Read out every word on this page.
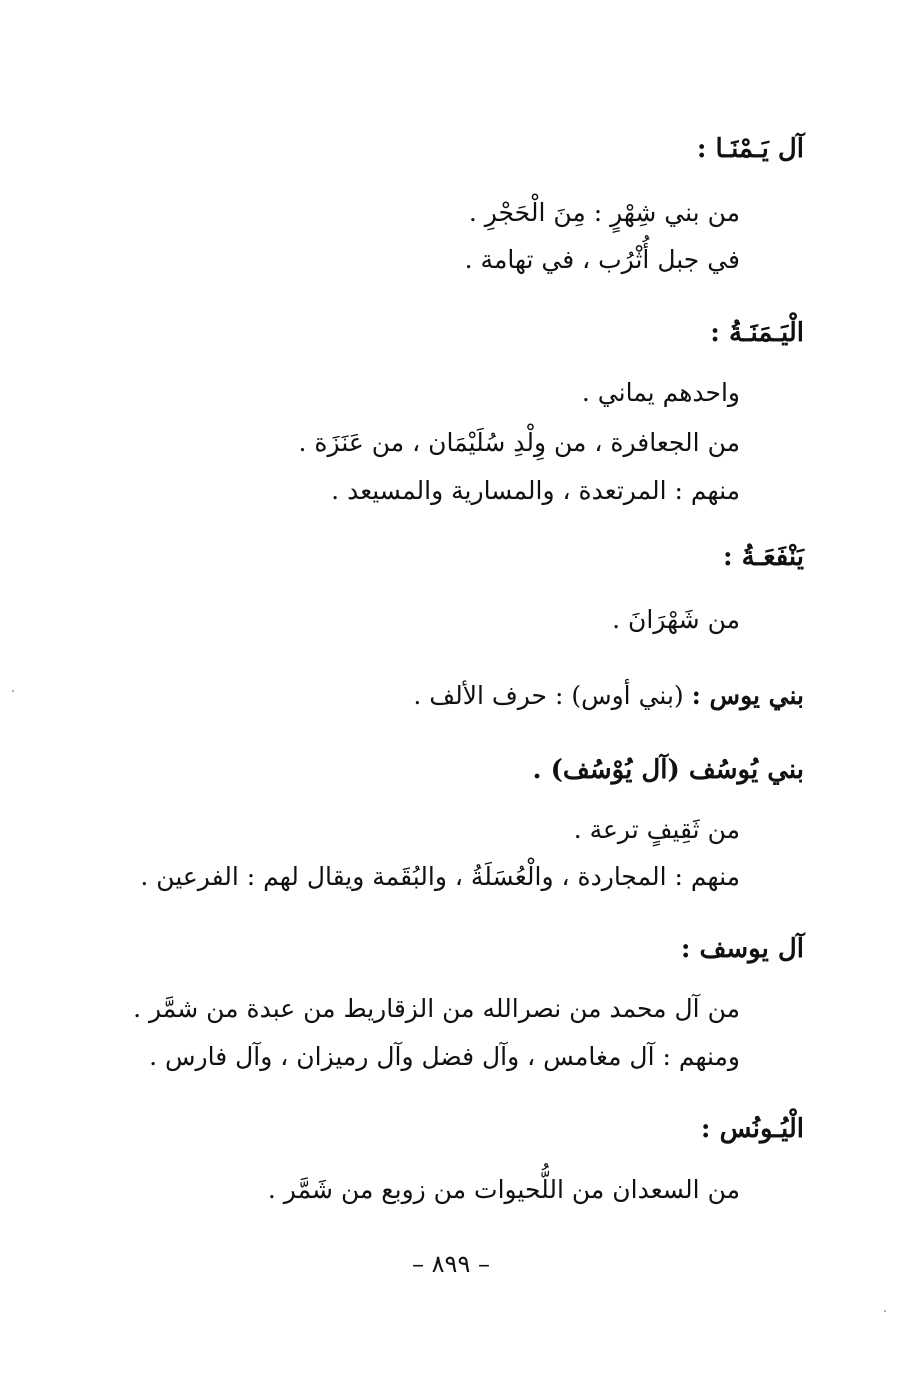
آل يَـمْنَـا :
من بني شِهْرٍ : مِنَ الْحَجْرِ .
في جبل أُثْرُب ، في تهامة .
الْيَـمَنَـةُ :
واحدهم يماني .
من الجعافرة ، من وِلْدِ سُلَيْمَان ، من عَنَزَة .
منهم : المرتعدة ، والمسارية والمسيعد .
يَنْفَعَـةُ :
من شَهْرَانَ .
بني يوس : (بني أوس) : حرف الألف .
بني يُوسُف (آل يُوْسُف) .
من ثَقِيفٍ ترعة .
منهم : المجاردة ، والْعُسَلَةُ ، والبُقَمة ويقال لهم : الفرعين .
آل يوسف :
من آل محمد من نصرالله من الزقاريط من عبدة من شمَّر .
ومنهم : آل مغامس ، وآل فضل وآل رميزان ، وآل فارس .
الْيُـونُس :
من السعدان من اللُّحيوات من زوبع من شَمَّر .
– ٨٩٩ –
